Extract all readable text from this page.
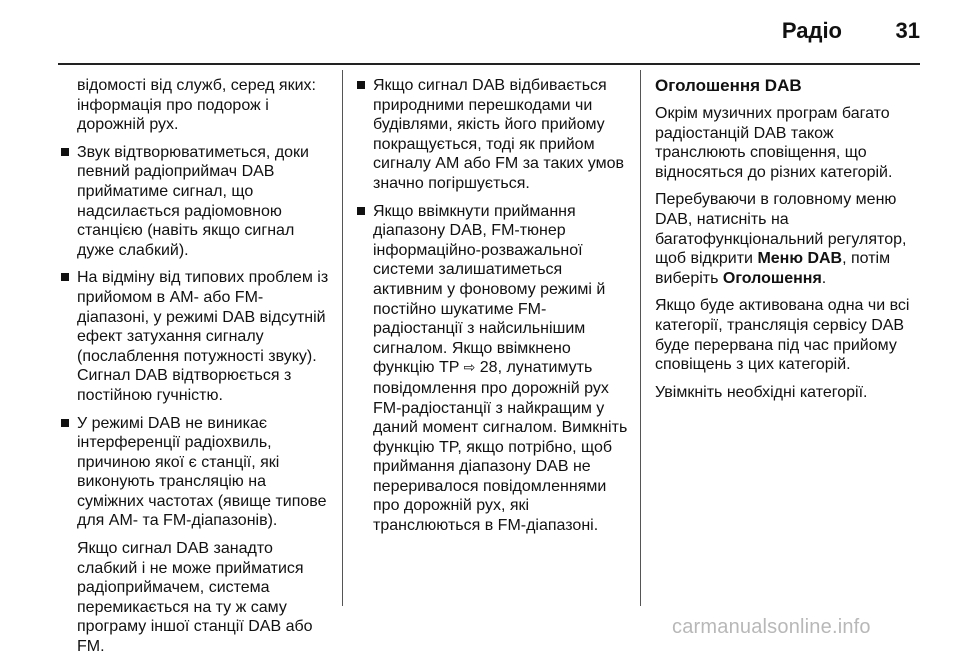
Радіо 31

відомості від служб, серед яких: інформація про подорож і дорожній рух.

Звук відтворюватиметься, доки певний радіоприймач DAB прийматиме сигнал, що надсилається радіомовною станцією (навіть якщо сигнал дуже слабкий).
На відміну від типових проблем із прийомом в АМ- або FM-діапазоні, у режимі DAB відсутній ефект затухання сигналу (послаблення потужності звуку). Сигнал DAB відтворюється з постійною гучністю.
У режимі DAB не виникає інтерференції радіохвиль, причиною якої є станції, які виконують трансляцію на суміжних частотах (явище типове для АМ- та FM-діапазонів).

Якщо сигнал DAB занадто слабкий і не може прийматися радіоприймачем, система перемикається на ту ж саму програму іншої станції DAB або FM.

Якщо сигнал DAB відбивається природними перешкодами чи будівлями, якість його прийому покращується, тоді як прийом сигналу АМ або FM за таких умов значно погіршується.
Якщо ввімкнути приймання діапазону DAB, FM-тюнер інформаційно-розважальної системи залишатиметься активним у фоновому режимі й постійно шукатиме FM-радіостанції з найсильнішим сигналом. Якщо ввімкнено функцію TP ⇨ 28, лунатимуть повідомлення про дорожній рух FM-радіостанції з найкращим у даний момент сигналом. Вимкніть функцію TP, якщо потрібно, щоб приймання діапазону DAB не переривалося повідомленнями про дорожній рух, які транслюються в FM-діапазоні.

Оголошення DAB

Окрім музичних програм багато радіостанцій DAB також транслюють сповіщення, що відносяться до різних категорій.

Перебуваючи в головному меню DAB, натисніть на багатофункціональний регулятор, щоб відкрити Меню DAB, потім виберіть Оголошення.

Якщо буде активована одна чи всі категорії, трансляція сервісу DAB буде перервана під час прийому сповіщень з цих категорій.

Увімкніть необхідні категорії.

carmanualsonline.info
